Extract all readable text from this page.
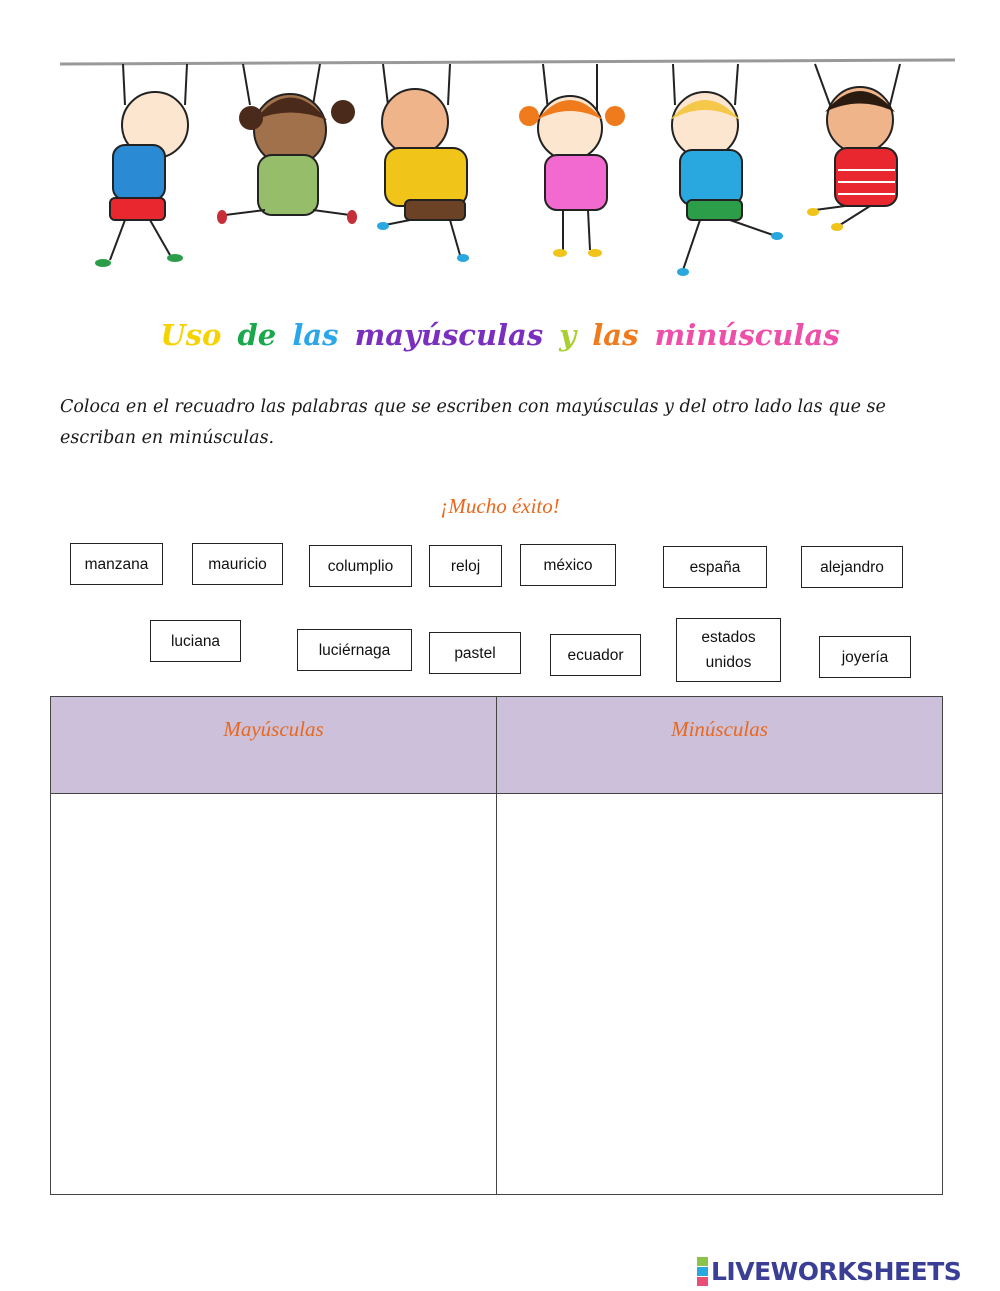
Uso de las mayúsculas y las minúsculas
Coloca en el recuadro las palabras que se escriben con mayúsculas y del otro lado las que se escriban en minúsculas.
¡Mucho éxito!
manzana	mauricio	columplio	reloj	méxico	españa	alejandro
luciana
luciérnaga	pastel	ecuador
estados unidos	joyería
Mayúsculas	Minúsculas
LIVEWORKSHEETS
